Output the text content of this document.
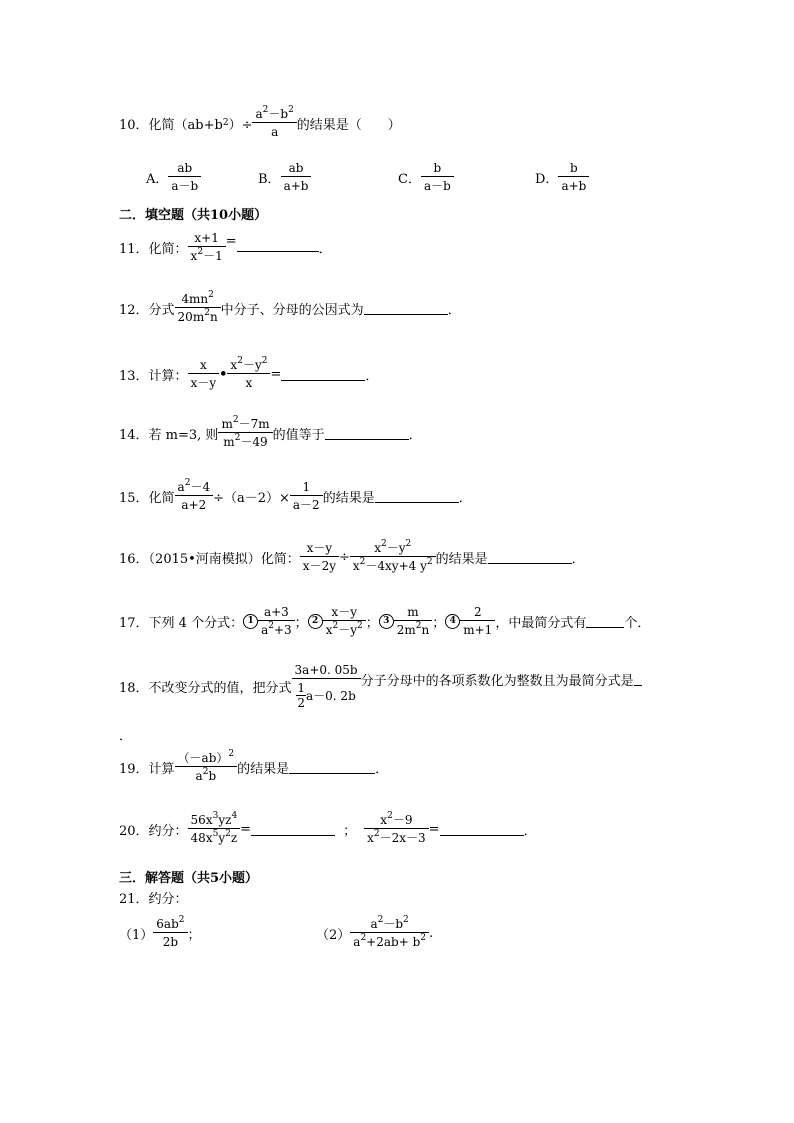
10．化简（ab+b 2 ）÷ $\frac{a^2-b^2}{a}$ 的结果是（　　）
A． $\frac{ab}{a-b}$	B． $\frac{ab}{a+b}$	C． $\frac{b}{a-b}$	D． $\frac{b}{a+b}$
二．填空题（共10小题）
11．化简： $\frac{x+1}{x^2-1}$ =
．
12．分式 $\frac{4mn^2}{20m^2n}$ 中分子、分母的公因式为	．
13．计算： $\frac{x}{x-y}$ • $\frac{x^2-y^2}{x}$ =	．
14．若 m=3, 则 $\frac{m^2-7m}{m^2-49}$ 的值等于	．
15．化简 $\frac{a^2-4}{a+2} \div(a-2)\times \frac{1}{a-2}$ 的结果是	．
16．（2015•河南模拟）化简： $\frac{x-y}{x-2y} \div \frac{x^2-y^2}{x^2-4xy+4 y^2}$ 的结果是	．
17．下列 4 个分式： $1 \frac{a+3}{a^2+3}$ ； $2 \frac{x-y}{x^2-y^2}$ ； $3 \frac{m}{2m^2n}$ ； $4 \frac{2}{m+1}$ ， 中最简分式有	个．
18．不改变分式的值，把分式 $\frac{3a+0. 05b}{\frac{1}{2} a-0. 2b}$ 分子分母中的各项系数化为整数且为最简分式是
．
19．计算 $\frac{(-ab)^2}{a^2b}$ 的结果是	．
20．约分： $\frac{56x^3yz^4}{48x^5y^2z}$ =	； $\frac{x^2-9}{x^2-2x-3}$ =	．
三．解答题（共5小题）
21．约分：
$(1) \frac{6ab^2}{2b}$ ；	$(2) \frac{a^2-b^2}{a^2+2ab+ b^2}$ .
